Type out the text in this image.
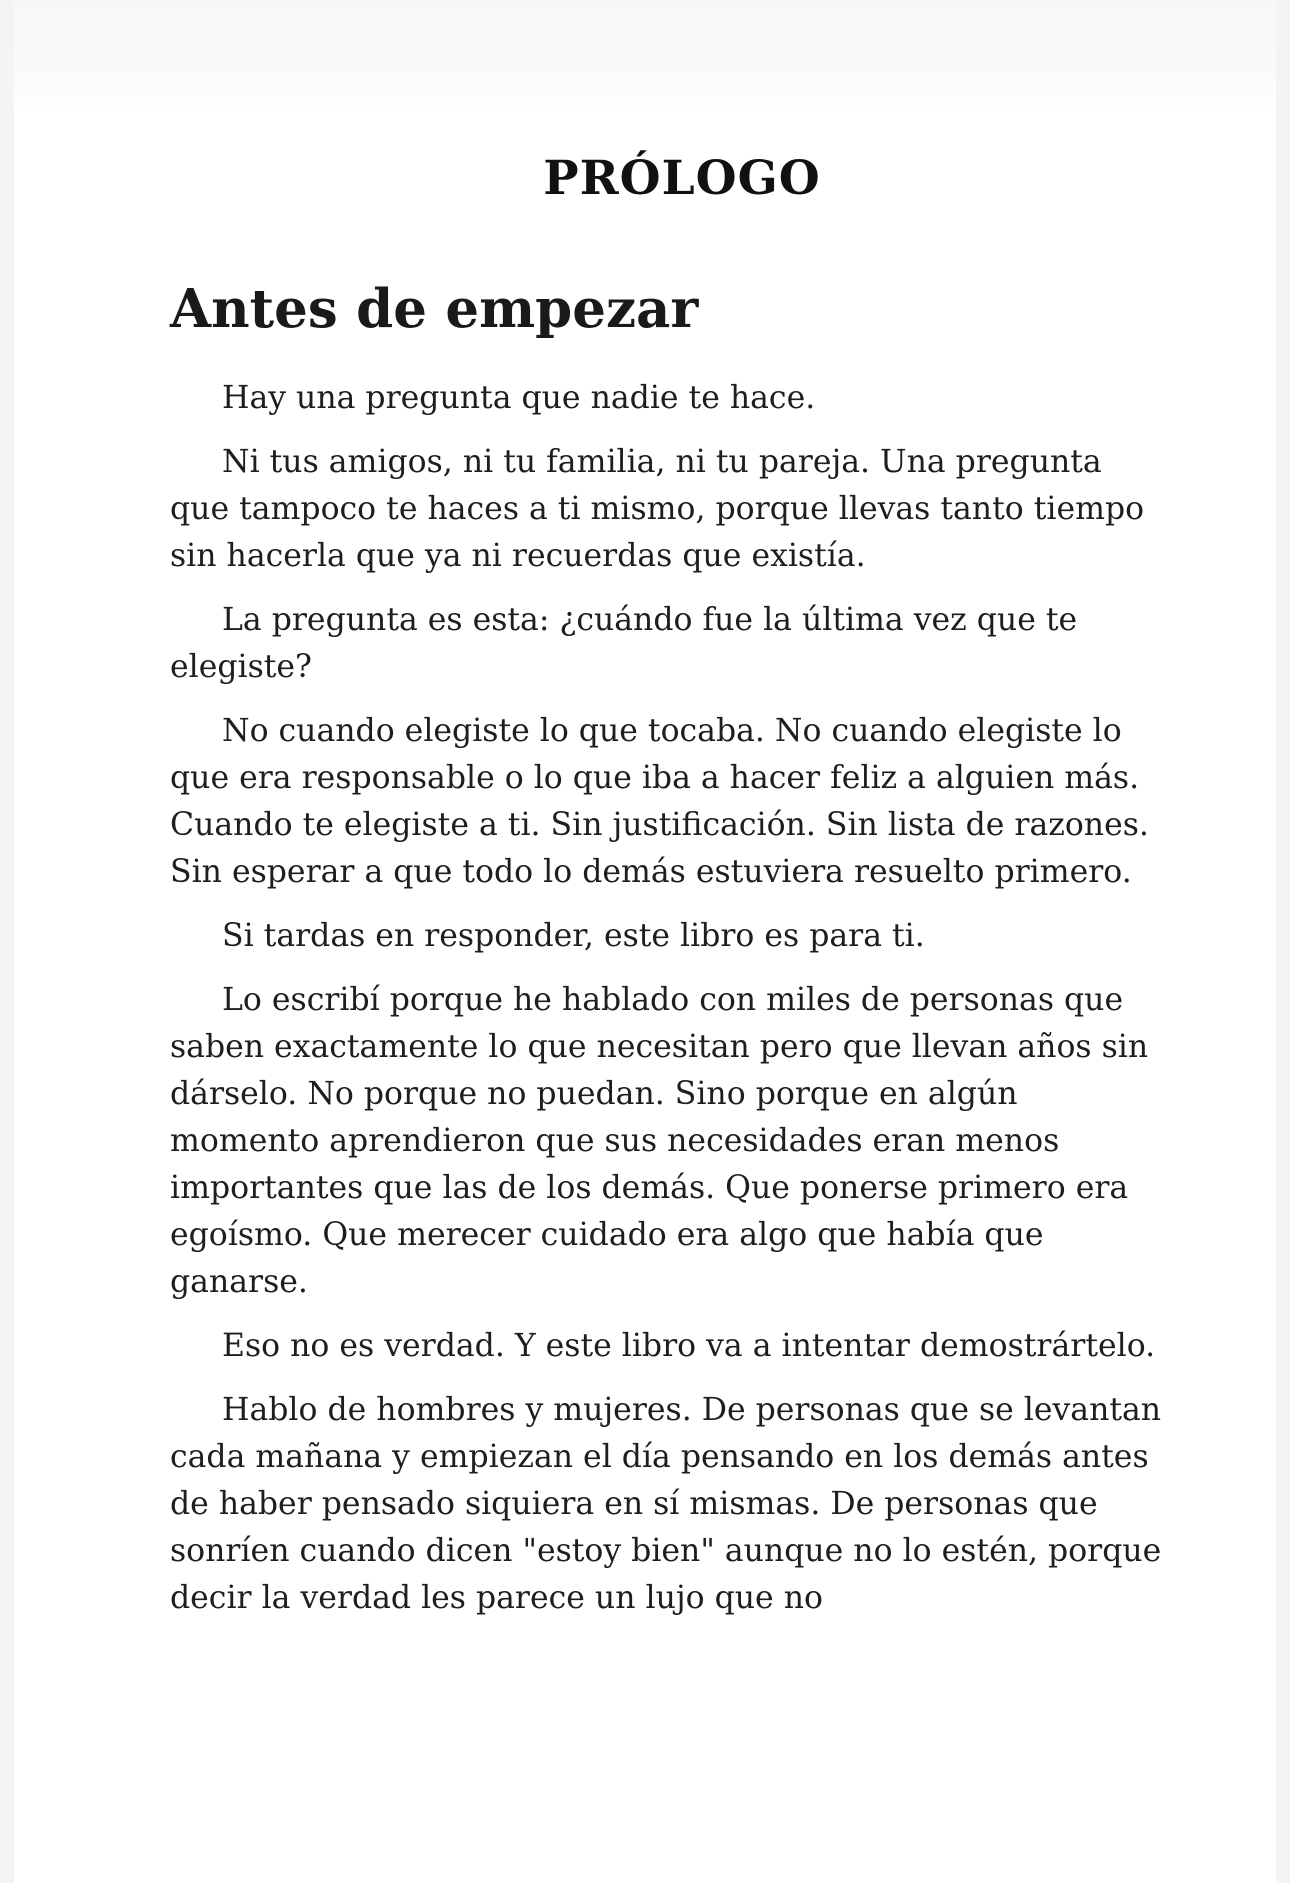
PRÓLOGO
Antes de empezar

Hay una pregunta que nadie te hace.

Ni tus amigos, ni tu familia, ni tu pareja. Una pregunta que tampoco te haces a ti mismo, porque llevas tanto tiempo sin hacerla que ya ni recuerdas que existía.

La pregunta es esta: ¿cuándo fue la última vez que te elegiste?

No cuando elegiste lo que tocaba. No cuando elegiste lo que era responsable o lo que iba a hacer feliz a alguien más. Cuando te elegiste a ti. Sin justificación. Sin lista de razones. Sin esperar a que todo lo demás estuviera resuelto primero.

Si tardas en responder, este libro es para ti.

Lo escribí porque he hablado con miles de personas que saben exactamente lo que necesitan pero que llevan años sin dárselo. No porque no puedan. Sino porque en algún momento aprendieron que sus necesidades eran menos importantes que las de los demás. Que ponerse primero era egoísmo. Que merecer cuidado era algo que había que ganarse.

Eso no es verdad. Y este libro va a intentar demostrártelo.

Hablo de hombres y mujeres. De personas que se levantan cada mañana y empiezan el día pensando en los demás antes de haber pensado siquiera en sí mismas. De personas que sonríen cuando dicen "estoy bien" aunque no lo estén, porque decir la verdad les parece un lujo que no
